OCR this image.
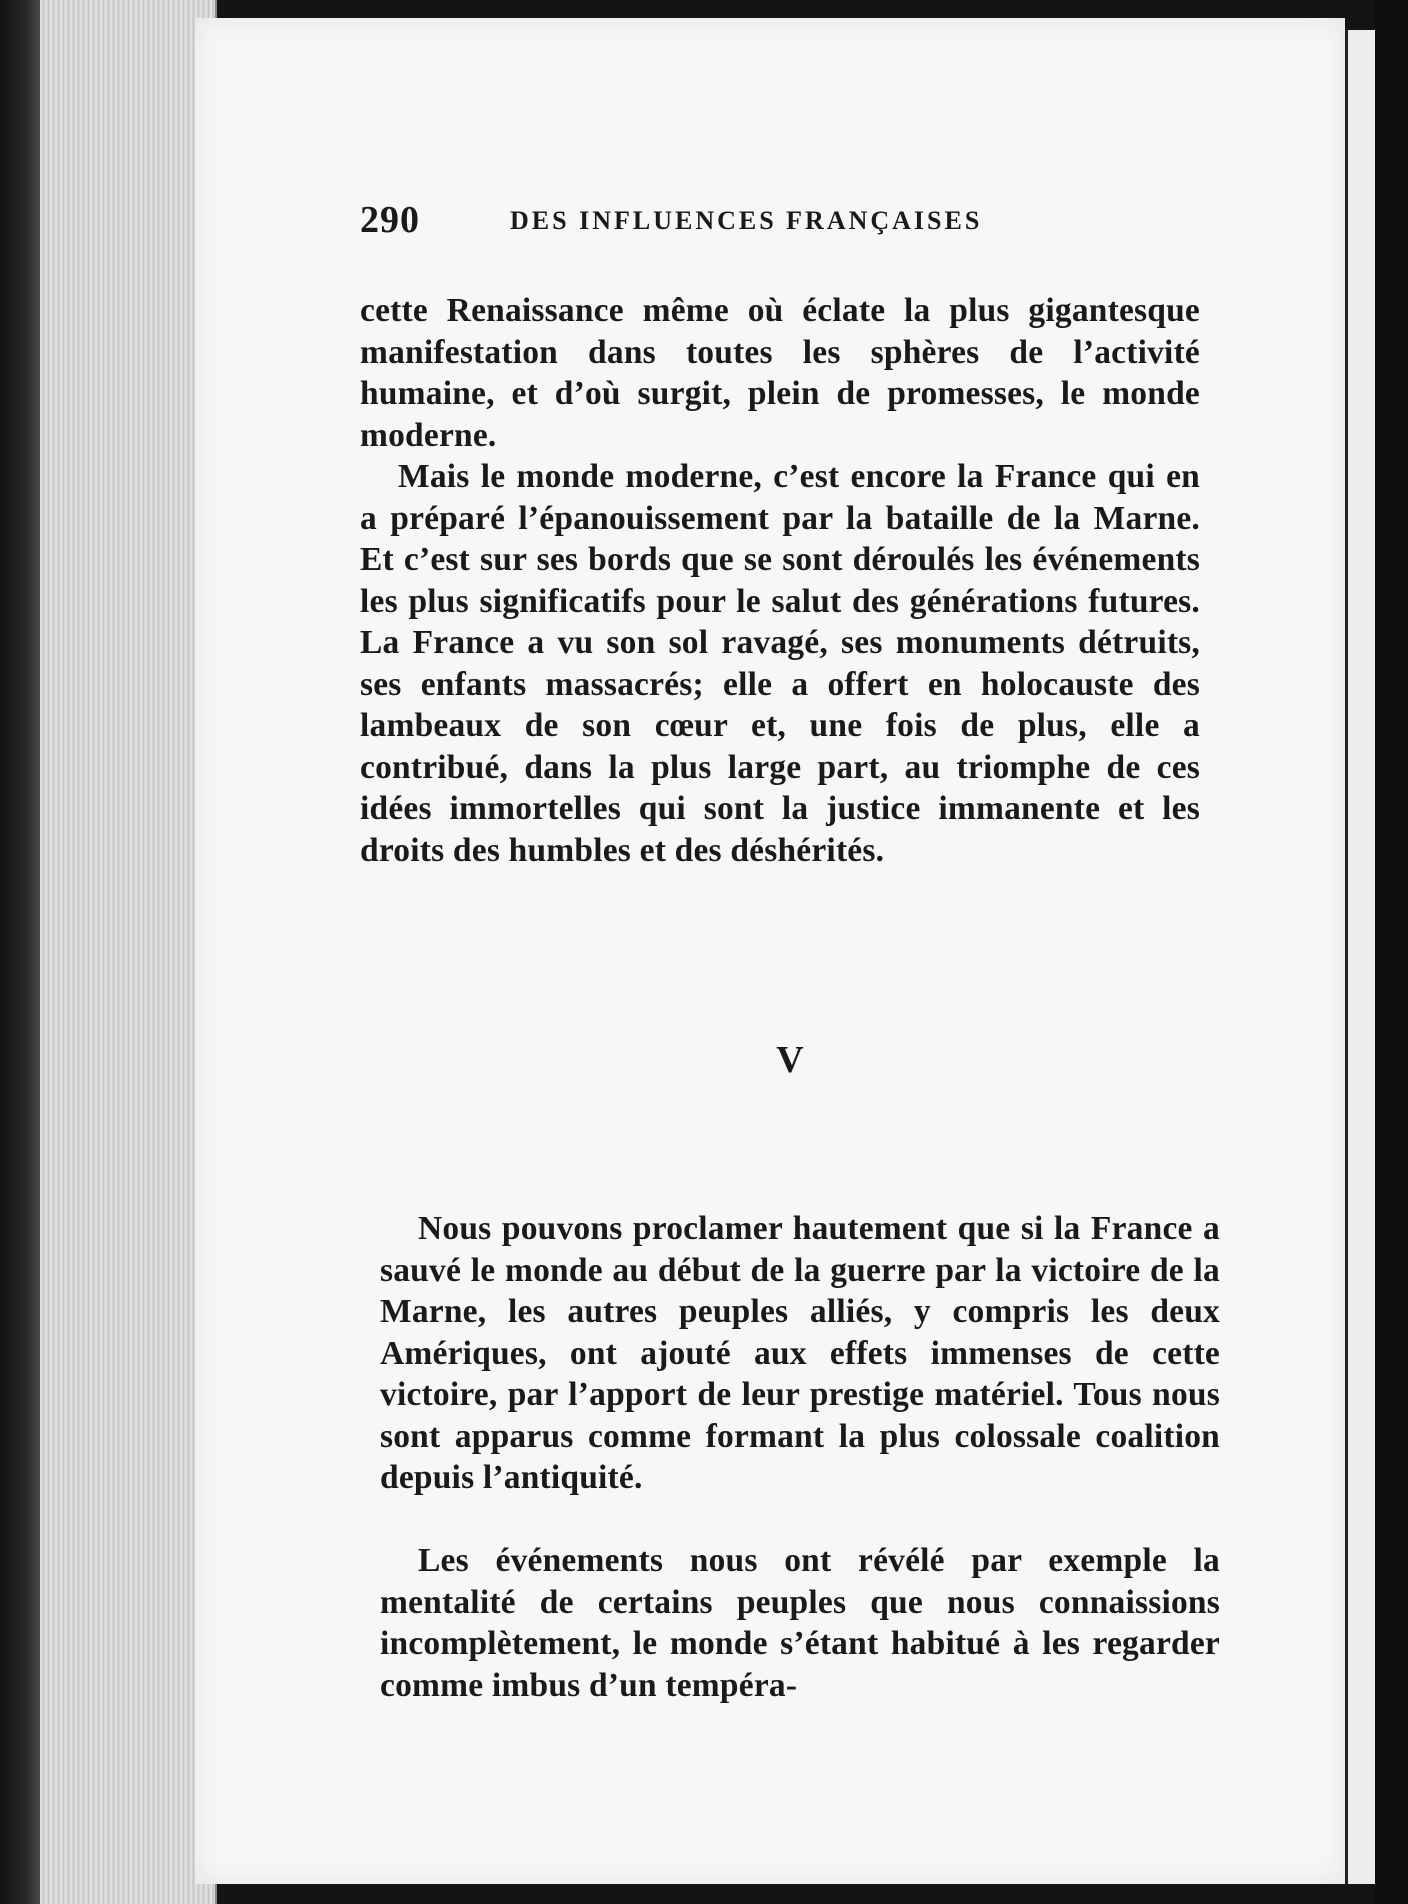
290	DES INFLUENCES FRANÇAISES

cette Renaissance même où éclate la plus gigantesque manifestation dans toutes les sphères de l’activité humaine, et d’où surgit, plein de promesses, le monde moderne.

Mais le monde moderne, c’est encore la France qui en a préparé l’épanouissement par la bataille de la Marne. Et c’est sur ses bords que se sont déroulés les événements les plus significatifs pour le salut des générations futures. La France a vu son sol ravagé, ses monuments détruits, ses enfants massacrés; elle a offert en holocauste des lambeaux de son cœur et, une fois de plus, elle a contribué, dans la plus large part, au triomphe de ces idées immortelles qui sont la justice immanente et les droits des humbles et des déshérités.

V

Nous pouvons proclamer hautement que si la France a sauvé le monde au début de la guerre par la victoire de la Marne, les autres peuples alliés, y compris les deux Amériques, ont ajouté aux effets immenses de cette victoire, par l’apport de leur prestige matériel. Tous nous sont apparus comme formant la plus colossale coalition depuis l’antiquité.

Les événements nous ont révélé par exemple la mentalité de certains peuples que nous connaissions incomplètement, le monde s’étant habitué à les regarder comme imbus d’un tempéra-
